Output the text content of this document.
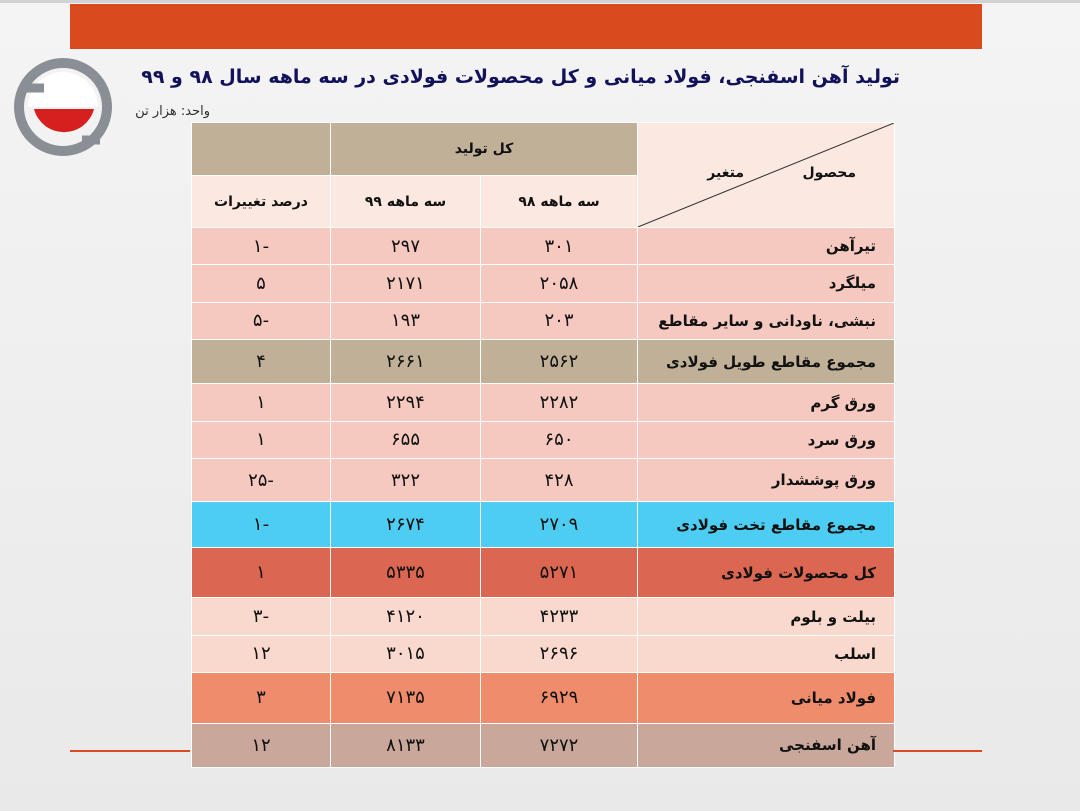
تولید آهن اسفنجی، فولاد میانی و کل محصولات فولادی در سه ماهه سال ۹۸ و ۹۹
واحد: هزار تن
محصول
متغیر	کل تولید		
	سه ماهه ۹۸	سه ماهه ۹۹	درصد تغییرات
تیرآهن	۳۰۱	۲۹۷	-۱
میلگرد	۲۰۵۸	۲۱۷۱	۵
نبشی، ناودانی و سایر مقاطع	۲۰۳	۱۹۳	-۵
مجموع مقاطع طویل فولادی	۲۵۶۲	۲۶۶۱	۴
ورق گرم	۲۲۸۲	۲۲۹۴	۱
ورق سرد	۶۵۰	۶۵۵	۱
ورق پوششدار	۴۲۸	۳۲۲	-۲۵
مجموع مقاطع تخت فولادی	۲۷۰۹	۲۶۷۴	-۱
کل محصولات فولادی	۵۲۷۱	۵۳۳۵	۱
بیلت و بلوم	۴۲۳۳	۴۱۲۰	-۳
اسلب	۲۶۹۶	۳۰۱۵	۱۲
فولاد میانی	۶۹۲۹	۷۱۳۵	۳
آهن اسفنجی	۷۲۷۲	۸۱۳۳	۱۲
